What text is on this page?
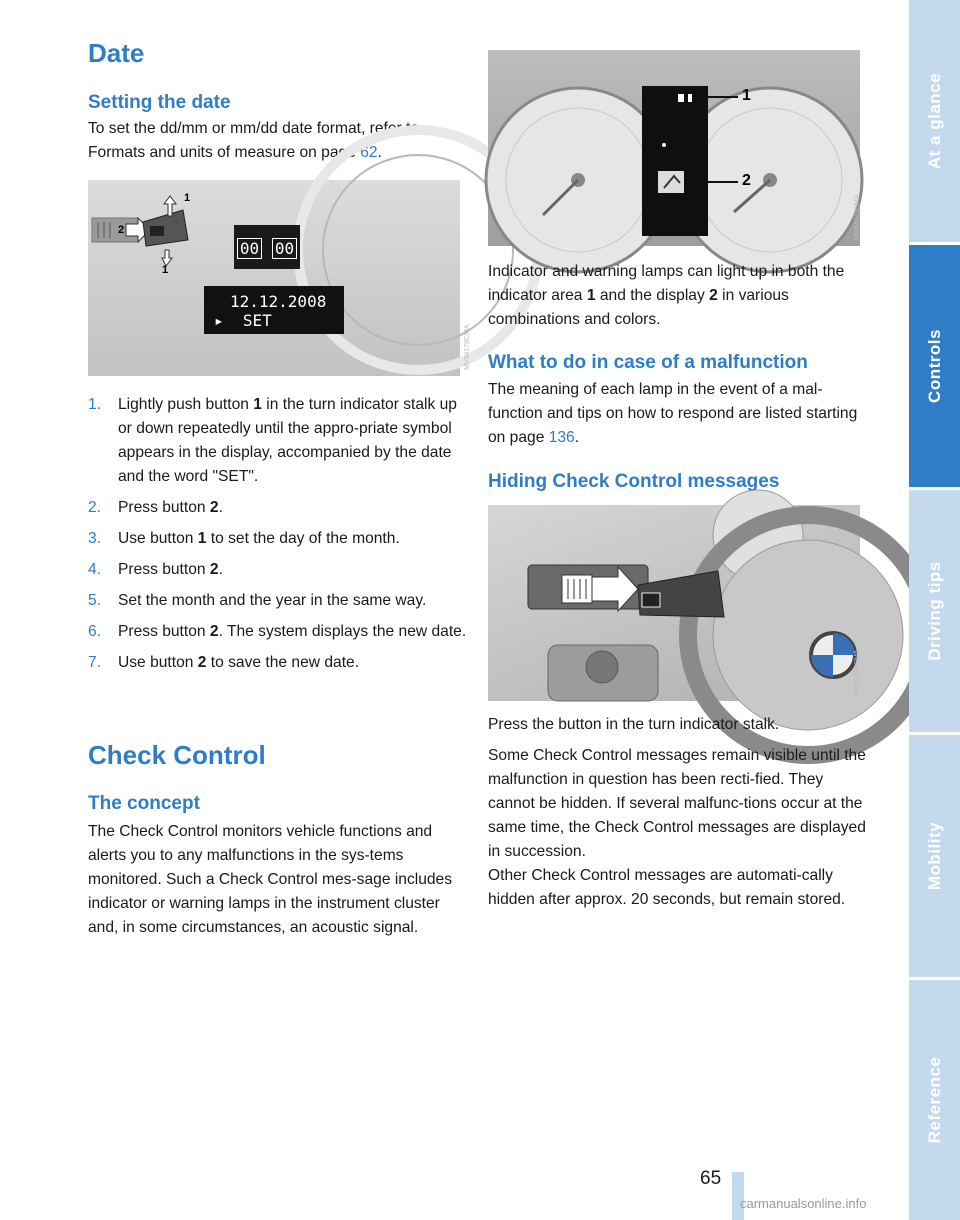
Date
Setting the date

To set the dd/mm or mm/dd date format, refer to Formats and units of measure on page 62.

1
2
1
00 00
12.12.2008
▸ SET
MV04178CMA
1.	Lightly push button 1 in the turn indicator stalk up or down repeatedly until the appro-priate symbol appears in the display, accompanied by the date and the word "SET".
2.	Press button 2.
3.	Use button 1 to set the day of the month.
4.	Press button 2.
5.	Set the month and the year in the same way.
6.	Press button 2. The system displays the new date.
7.	Use button 2 to save the new date.
Check Control
The concept

The Check Control monitors vehicle functions and alerts you to any malfunctions in the sys-tems monitored. Such a Check Control mes-sage includes indicator or warning lamps in the instrument cluster and, in some circumstances, an acoustic signal.

1
2
MV04779CMA

Indicator and warning lamps can light up in both the indicator area 1 and the display 2 in various combinations and colors.

What to do in case of a malfunction

The meaning of each lamp in the event of a mal-function and tips on how to respond are listed starting on page 136.

Hiding Check Control messages
MV03354CMA

Press the button in the turn indicator stalk.

Some Check Control messages remain visible until the malfunction in question has been recti-fied. They cannot be hidden. If several malfunc-tions occur at the same time, the Check Control messages are displayed in succession.

Other Check Control messages are automati-cally hidden after approx. 20 seconds, but remain stored.

At a glance
Controls
Driving tips
Mobility
Reference
65
carmanualsonline.info
